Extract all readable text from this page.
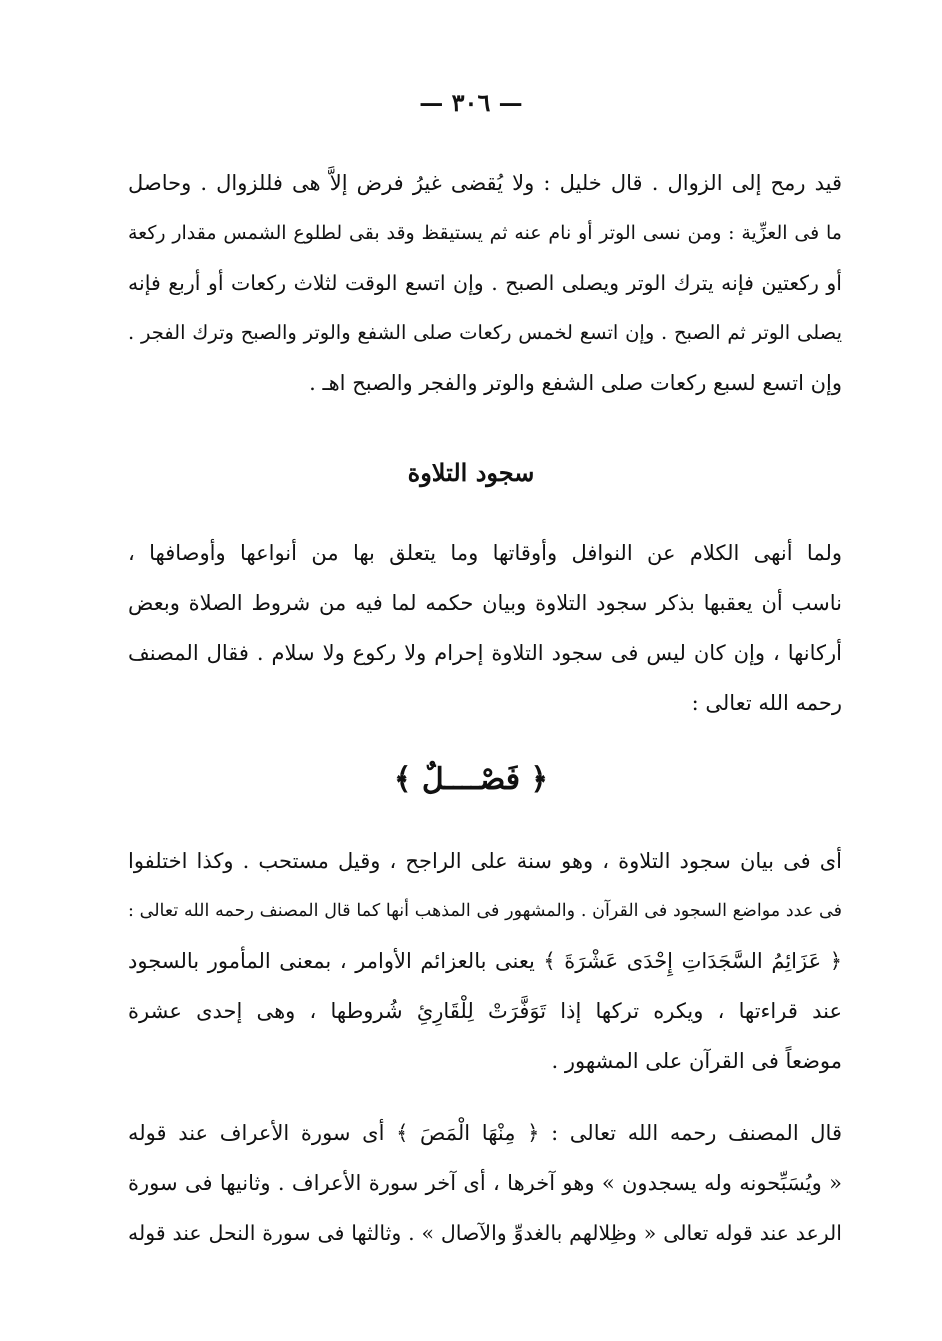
— ٣٠٦ —
قيد رمح إلى الزوال . قال خليل : ولا يُقضى غيرُ فرض إلاَّ هى فللزوال . وحاصل
ما فى العزِّية : ومن نسى الوتر أو نام عنه ثم يستيقظ وقد بقى لطلوع الشمس مقدار ركعة
أو ركعتين فإنه يترك الوتر ويصلى الصبح . وإن اتسع الوقت لثلاث ركعات أو أربع فإنه
يصلى الوتر ثم الصبح . وإن اتسع لخمس ركعات صلى الشفع والوتر والصبح وترك الفجر .
وإن اتسع لسبع ركعات صلى الشفع والوتر والفجر والصبح اهـ .
سجود التلاوة
ولما أنهى الكلام عن النوافل وأوقاتها وما يتعلق بها من أنواعها وأوصافها ،
ناسب أن يعقبها بذكر سجود التلاوة وبيان حكمه لما فيه من شروط الصلاة وبعض
أركانها ، وإن كان ليس فى سجود التلاوة إحرام ولا ركوع ولا سلام . فقال المصنف
رحمه الله تعالى :
﴿ فَصْــــلٌ ﴾
أى فى بيان سجود التلاوة ، وهو سنة على الراجح ، وقيل مستحب . وكذا اختلفوا
فى عدد مواضع السجود فى القرآن . والمشهور فى المذهب أنها كما قال المصنف رحمه الله تعالى :
﴿ عَزَائِمُ السَّجَدَاتِ إِحْدَى عَشْرَةَ ﴾ يعنى بالعزائم الأوامر ، بمعنى المأمور بالسجود
عند قراءتها ، ويكره تركها إذا تَوَفَّرَتْ لِلْقَارِئِ شُروطها ، وهى إحدى عشرة
موضعاً فى القرآن على المشهور .
قال المصنف رحمه الله تعالى : ﴿ مِنْهَا الْمَصَ ﴾ أى سورة الأعراف عند قوله
« ويُسَبِّحونه وله يسجدون » وهو آخرها ، أى آخر سورة الأعراف . وثانيها فى سورة
الرعد عند قوله تعالى « وظِلالهم بالغدوِّ والآصال » . وثالثها فى سورة النحل عند قوله
